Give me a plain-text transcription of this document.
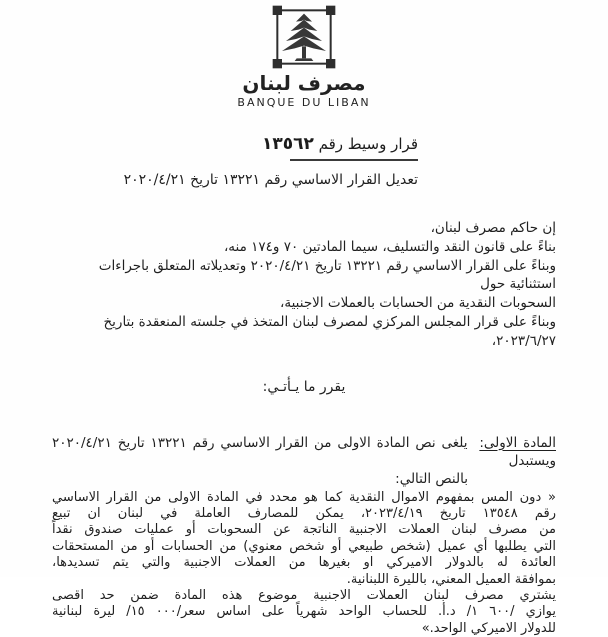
مصرف لبنان
BANQUE DU LIBAN
قرار وسيط رقم ١٣٥٦٢
تعديل القرار الاساسي رقم ١٣٢٢١ تاريخ ٢٠٢٠/٤/٢١
إن حاكم مصرف لبنان،
بناءً على قانون النقد والتسليف، سيما المادتين ٧٠ و١٧٤ منه،
وبناءً على القرار الاساسي رقم ١٣٢٢١ تاريخ ٢٠٢٠/٤/٢١ وتعديلاته المتعلق باجراءات استثنائية حول
السحوبات النقدية من الحسابات بالعملات الاجنبية،
وبناءً على قرار المجلس المركزي لمصرف لبنان المتخذ في جلسته المنعقدة بتاريخ ٢٠٢٣/٦/٢٧،
يقرر ما يـأتـي:
المادة الاولى: يلغى نص المادة الاولى من القرار الاساسي رقم ١٣٢٢١ تاريخ ٢٠٢٠/٤/٢١ ويستبدل
بالنص التالي:
« دون المس بمفهوم الاموال النقدية كما هو محدد في المادة الاولى من القرار الاساسي
رقم ١٣٥٤٨ تاريخ ٢٠٢٣/٤/١٩، يمكن للمصارف العاملة في لبنان ان تبيع
من مصرف لبنان العملات الاجنبية الناتجة عن السحوبات أو عمليات صندوق نقداً
التي يطلبها أي عميل (شخص طبيعي أو شخص معنوي) من الحسابات أو من المستحقات
العائدة له بالدولار الاميركي او بغيرها من العملات الاجنبية والتي يتم تسديدها،
بموافقة العميل المعني، بالليرة اللبنانية.
يشتري مصرف لبنان العملات الاجنبية موضوع هذه المادة ضمن حد اقصى
يوازي /١ ٦٠٠/ د.أ. للحساب الواحد شهرياً على اساس سعر/١٥ ٠٠٠/ ليرة لبنانية
للدولار الاميركي الواحد.»
